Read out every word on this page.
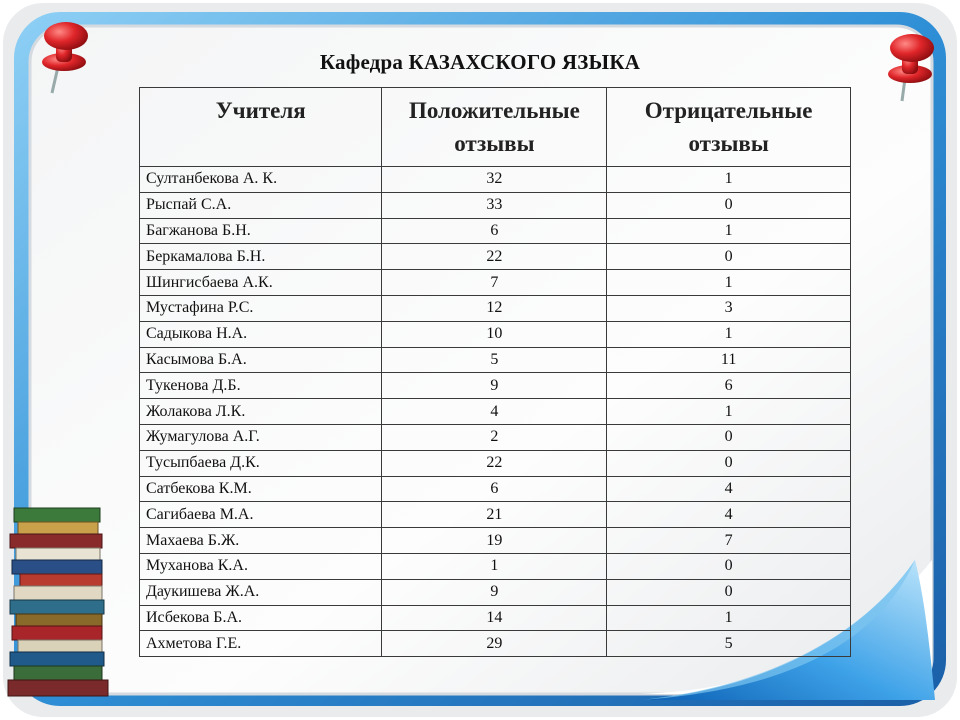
Кафедра КАЗАХСКОГО ЯЗЫКА
Учителя	Положительные отзывы	Отрицательные отзывы
Султанбекова А. К.	32	1
Рыспай С.А.	33	0
Багжанова Б.Н.	6	1
Беркамалова Б.Н.	22	0
Шингисбаева А.К.	7	1
Мустафина Р.С.	12	3
Садыкова Н.А.	10	1
Касымова Б.А.	5	11
Тукенова Д.Б.	9	6
Жолакова Л.К.	4	1
Жумагулова А.Г.	2	0
Тусыпбаева Д.К.	22	0
Сатбекова К.М.	6	4
Сагибаева М.А.	21	4
Махаева Б.Ж.	19	7
Муханова К.А.	1	0
Даукишева Ж.А.	9	0
Исбекова Б.А.	14	1
Ахметова Г.Е.	29	5
